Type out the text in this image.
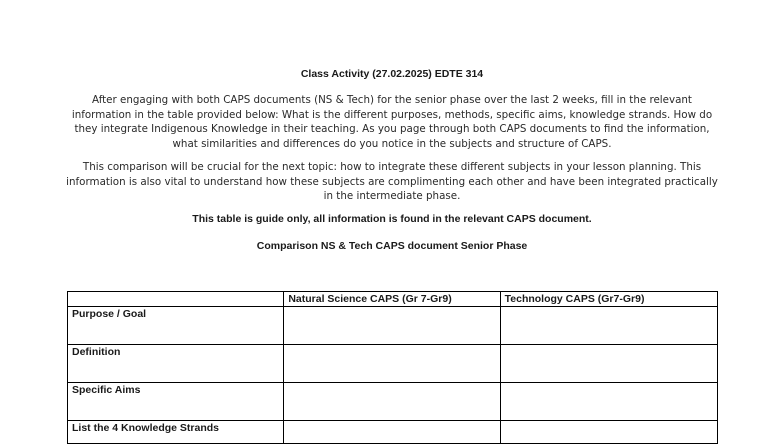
Class Activity (27.02.2025) EDTE 314
After engaging with both CAPS documents (NS & Tech) for the senior phase over the last 2 weeks, fill in the relevant information in the table provided below: What is the different purposes, methods, specific aims, knowledge strands. How do they integrate Indigenous Knowledge in their teaching. As you page through both CAPS documents to find the information, what similarities and differences do you notice in the subjects and structure of CAPS.
This comparison will be crucial for the next topic: how to integrate these different subjects in your lesson planning. This information is also vital to understand how these subjects are complimenting each other and have been integrated practically in the intermediate phase.
This table is guide only, all information is found in the relevant CAPS document.
Comparison NS & Tech CAPS document Senior Phase
	Natural Science CAPS (Gr 7-Gr9)	Technology CAPS (Gr7-Gr9)
Purpose / Goal		
Definition		
Specific Aims		
List the 4 Knowledge Strands		
